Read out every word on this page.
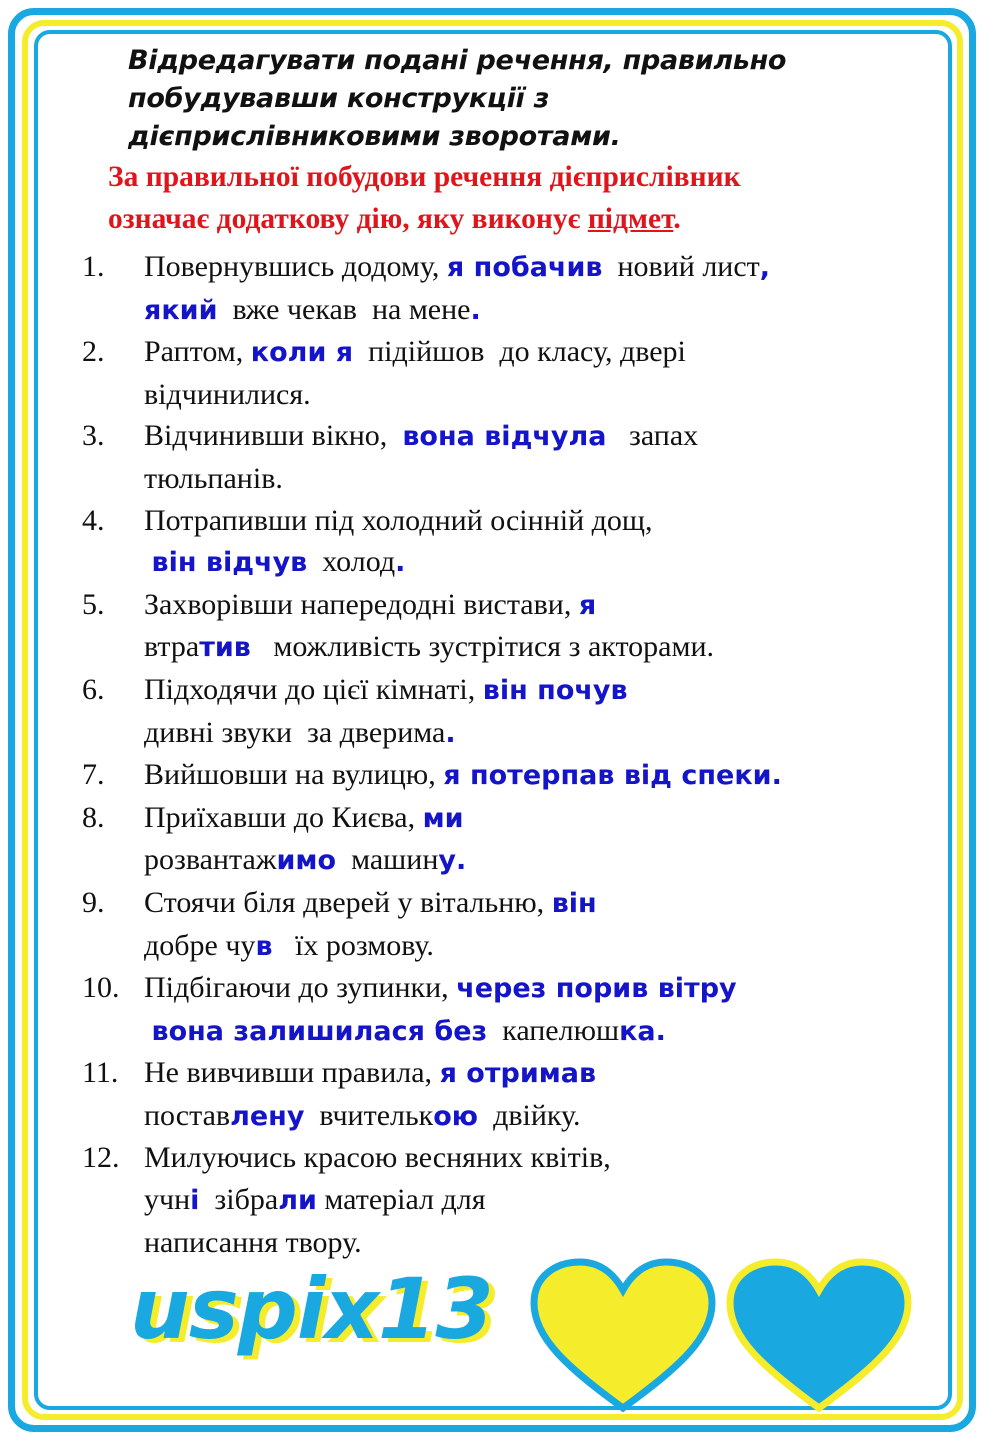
Відредагувати подані речення, правильно
побудувавши конструкції з
дієприслівниковими зворотами.
За правильної побудови речення дієприслівник
означає додаткову дію, яку виконує підмет.
1.	Повернувшись додому, я побачив  новий лист,
який  вже чекав  на мене.
2.	Раптом, коли я  підійшов  до класу, двері
відчинилися.
3.	Відчинивши вікно,  вона відчула   запах
тюльпанів.
4.	Потрапивши під холодний осінній дощ,
він відчув  холод.
5.	Захворівши напередодні вистави, я
втратив   можливість зустрітися з акторами.
6.	Підходячи до цієї кімнаті, він почув
дивні звуки  за дверима.
7.	Вийшовши на вулицю, я потерпав від спеки.
8.	Приїхавши до Києва, ми
розвантажимо  машину.
9.	Стоячи біля дверей у вітальню, він
добре чув   їх розмову.
10. Підбігаючи до зупинки, через порив вітру
вона залишилася без  капелюшка.
11. Не вивчивши правила, я отримав
поставлену  вчителькою  двійку.
12. Милуючись красою весняних квітів,
учні  зібрали матеріал для
написання твору.
uspix13
